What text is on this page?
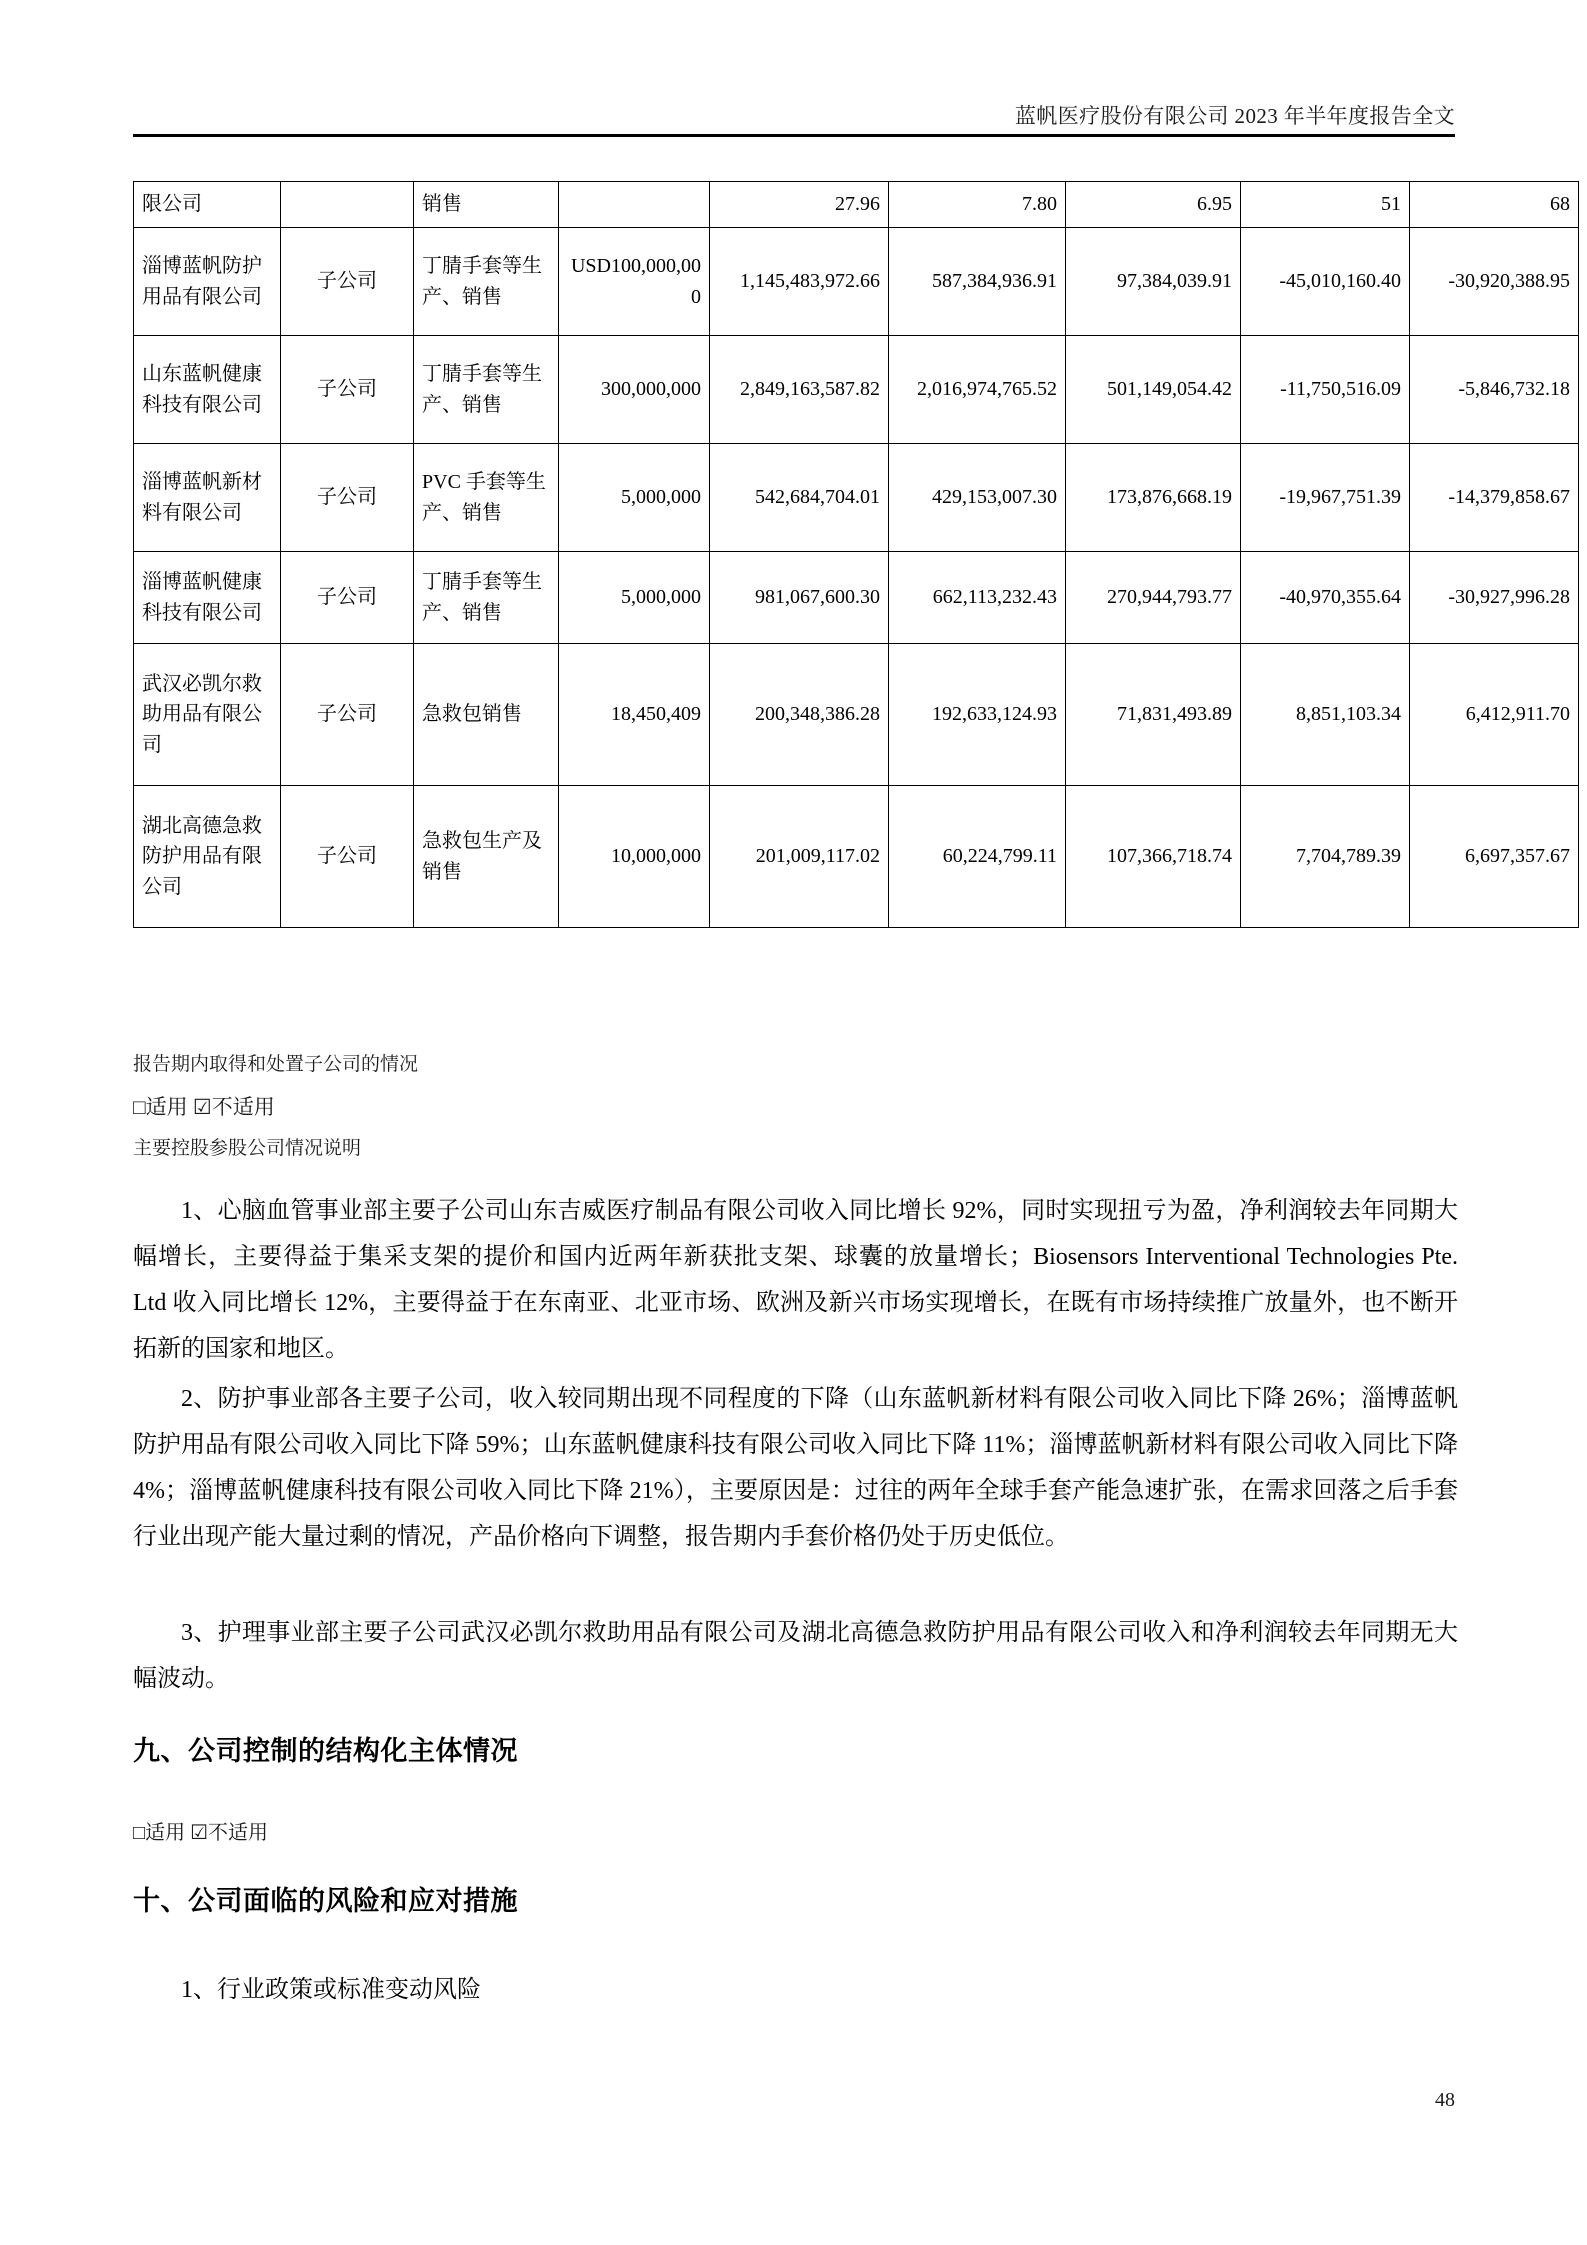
蓝帆医疗股份有限公司 2023 年半年度报告全文
限公司		销售		27.96	7.80	6.95	51	68
淄博蓝帆防护用品有限公司	子公司	丁腈手套等生产、销售	USD100,000,000	1,145,483,972.66	587,384,936.91	97,384,039.91	-45,010,160.40	-30,920,388.95
山东蓝帆健康科技有限公司	子公司	丁腈手套等生产、销售	300,000,000	2,849,163,587.82	2,016,974,765.52	501,149,054.42	-11,750,516.09	-5,846,732.18
淄博蓝帆新材料有限公司	子公司	PVC 手套等生产、销售	5,000,000	542,684,704.01	429,153,007.30	173,876,668.19	-19,967,751.39	-14,379,858.67
淄博蓝帆健康科技有限公司	子公司	丁腈手套等生产、销售	5,000,000	981,067,600.30	662,113,232.43	270,944,793.77	-40,970,355.64	-30,927,996.28
武汉必凯尔救助用品有限公司	子公司	急救包销售	18,450,409	200,348,386.28	192,633,124.93	71,831,493.89	8,851,103.34	6,412,911.70
湖北高德急救防护用品有限公司	子公司	急救包生产及销售	10,000,000	201,009,117.02	60,224,799.11	107,366,718.74	7,704,789.39	6,697,357.67
报告期内取得和处置子公司的情况
□适用 ☑不适用
主要控股参股公司情况说明
1、心脑血管事业部主要子公司山东吉威医疗制品有限公司收入同比增长 92%，同时实现扭亏为盈，净利润较去年同期大幅增长，主要得益于集采支架的提价和国内近两年新获批支架、球囊的放量增长；Biosensors Interventional Technologies Pte. Ltd 收入同比增长 12%，主要得益于在东南亚、北亚市场、欧洲及新兴市场实现增长，在既有市场持续推广放量外，也不断开拓新的国家和地区。
2、防护事业部各主要子公司，收入较同期出现不同程度的下降（山东蓝帆新材料有限公司收入同比下降 26%；淄博蓝帆防护用品有限公司收入同比下降 59%；山东蓝帆健康科技有限公司收入同比下降 11%；淄博蓝帆新材料有限公司收入同比下降 4%；淄博蓝帆健康科技有限公司收入同比下降 21%），主要原因是：过往的两年全球手套产能急速扩张，在需求回落之后手套行业出现产能大量过剩的情况，产品价格向下调整，报告期内手套价格仍处于历史低位。
3、护理事业部主要子公司武汉必凯尔救助用品有限公司及湖北高德急救防护用品有限公司收入和净利润较去年同期无大幅波动。
九、公司控制的结构化主体情况
□适用 ☑不适用
十、公司面临的风险和应对措施
1、行业政策或标准变动风险
48
